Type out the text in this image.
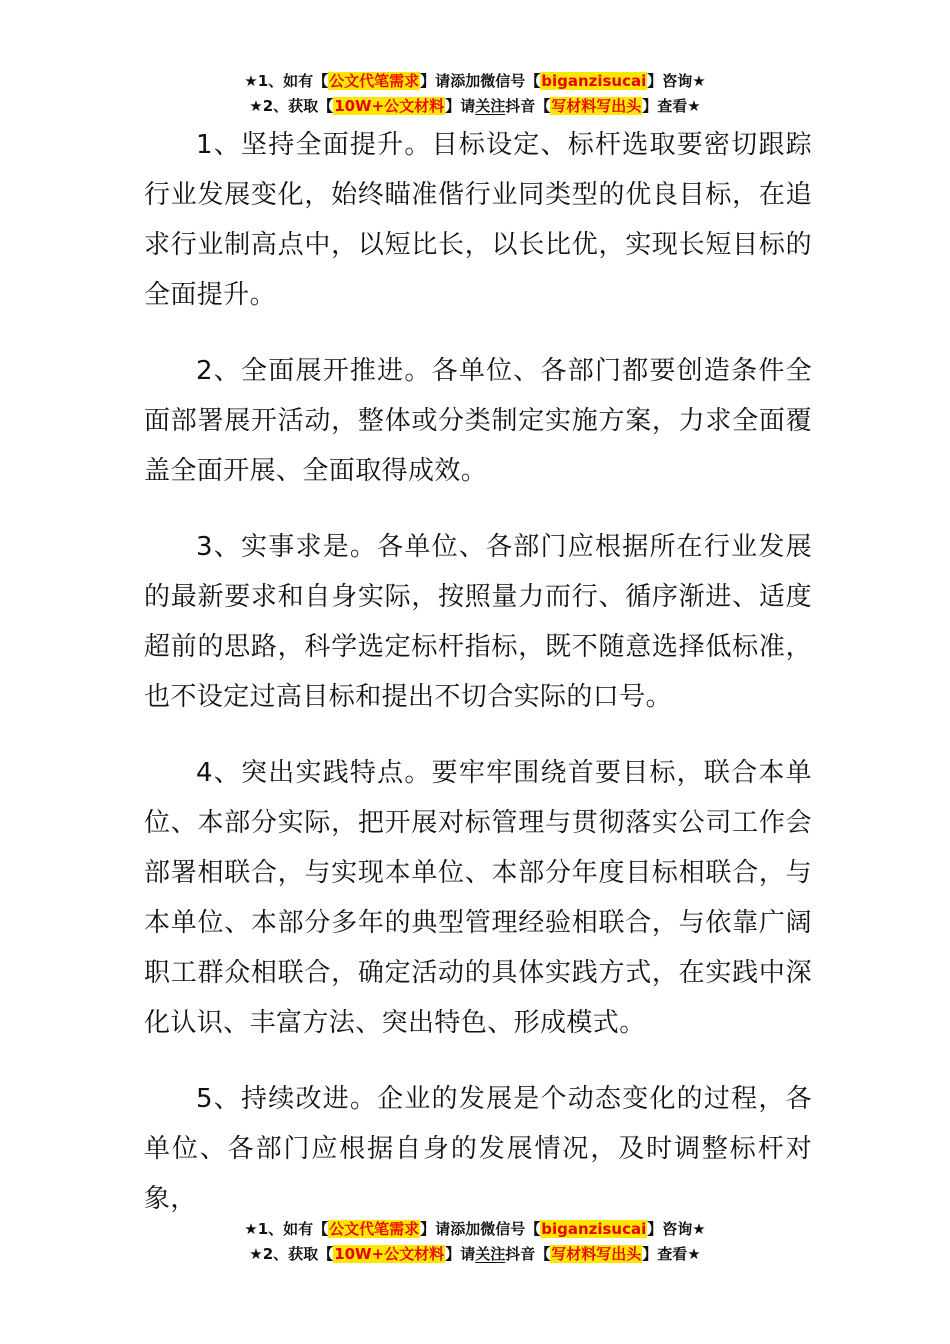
★1、如有【公文代笔需求】请添加微信号【biganzisucai】咨询★
★2、获取【10W+公文材料】请关注抖音【写材料写出头】查看★

1、坚持全面提升。目标设定、标杆选取要密切跟踪行业发展变化，始终瞄准偕行业同类型的优良目标，在追求行业制高点中，以短比长，以长比优，实现长短目标的全面提升。

2、全面展开推进。各单位、各部门都要创造条件全面部署展开活动，整体或分类制定实施方案，力求全面覆盖全面开展、全面取得成效。

3、实事求是。各单位、各部门应根据所在行业发展的最新要求和自身实际，按照量力而行、循序渐进、适度超前的思路，科学选定标杆指标，既不随意选择低标准，也不设定过高目标和提出不切合实际的口号。

4、突出实践特点。要牢牢围绕首要目标，联合本单位、本部分实际，把开展对标管理与贯彻落实公司工作会部署相联合，与实现本单位、本部分年度目标相联合，与本单位、本部分多年的典型管理经验相联合，与依靠广阔职工群众相联合，确定活动的具体实践方式，在实践中深化认识、丰富方法、突出特色、形成模式。

5、持续改进。企业的发展是个动态变化的过程，各单位、各部门应根据自身的发展情况，及时调整标杆对象，

★1、如有【公文代笔需求】请添加微信号【biganzisucai】咨询★
★2、获取【10W+公文材料】请关注抖音【写材料写出头】查看★
